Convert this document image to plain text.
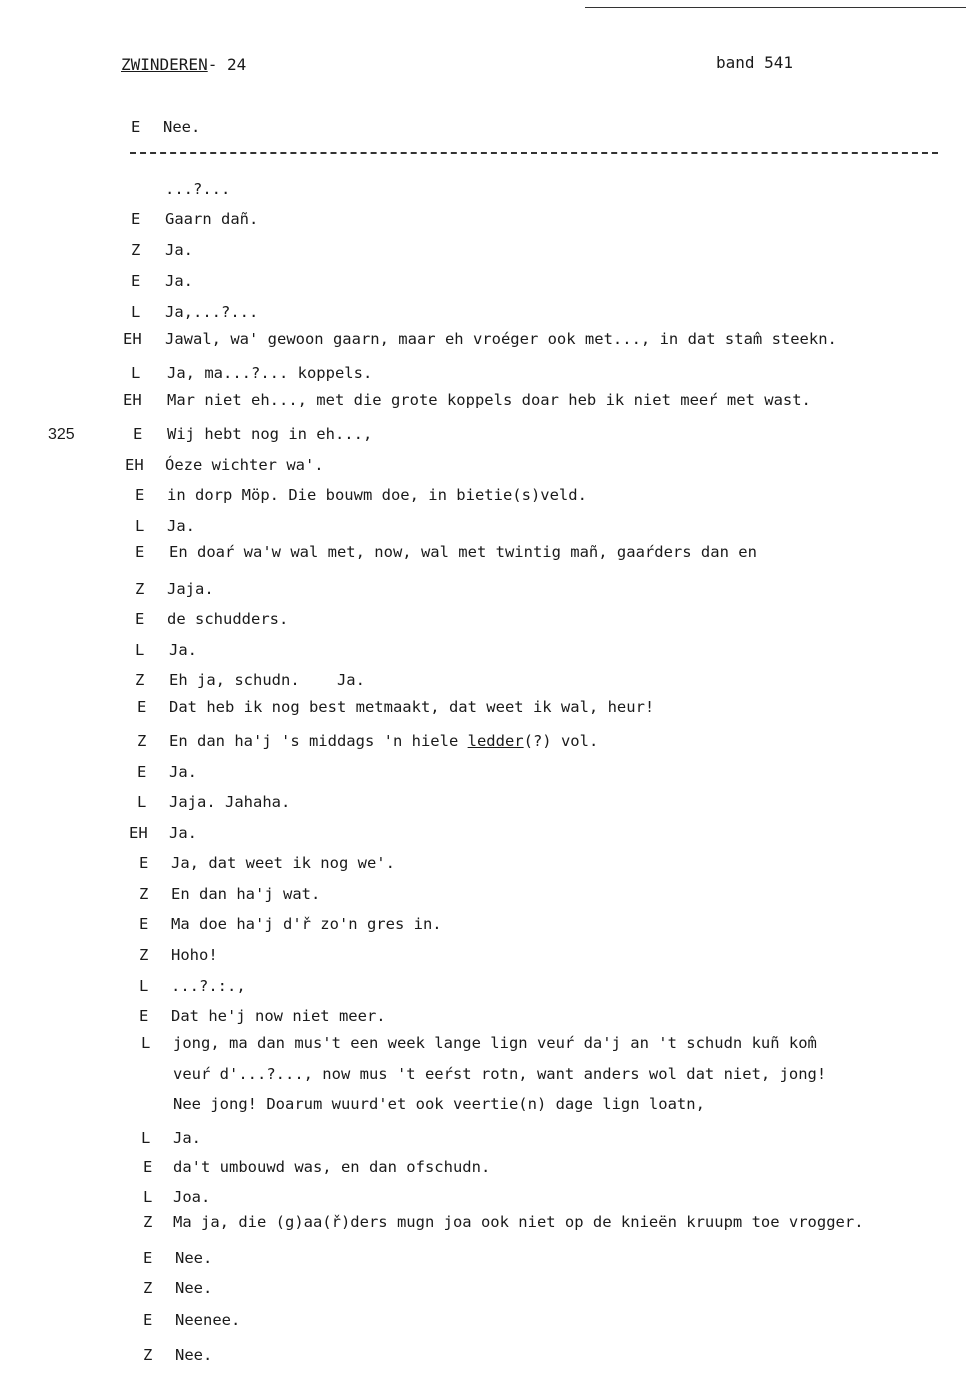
ZWINDEREN- 24	band 541
325
E Nee.
...?...
E Gaarn dañ.
Z Ja.
E Ja.
L Ja,...?...
EH Jawal, wa' gewoon gaarn, maar eh vroéger ook met..., in dat stam̂ steekn.
L Ja, ma...?... koppels.
EH Mar niet eh..., met die grote koppels doar heb ik niet meeŕ met wast.
E Wij hebt nog in eh...,
EH Óeze wichter wa'.
E in dorp Möp. Die bouwm doe, in bietie(s)veld.
L Ja.
E En doaŕ wa'w wal met, now, wal met twintig mañ, gaaŕders dan en
Z Jaja.
E de schudders.
L Ja.
Z Eh ja, schudn.    Ja.
E Dat heb ik nog best metmaakt, dat weet ik wal, heur!
Z En dan ha'j 's middags 'n hiele ledder(?) vol.
E Ja.
L Jaja. Jahaha.
EH Ja.
E Ja, dat weet ik nog we'.
Z En dan ha'j wat.
E Ma doe ha'j d'ř zo'n gres in.
Z Hoho!
L ...?.:.,
E Dat he'j now niet meer.
L jong, ma dan mus't een week lange lign veuŕ da'j an 't schudn kuñ kom̂
veuŕ d'...?..., now mus 't eeŕst rotn, want anders wol dat niet, jong!
Nee jong! Doarum wuurd'et ook veertie(n) dage lign loatn,
L Ja.
E da't umbouwd was, en dan ofschudn.
L Joa.
Z Ma ja, die (g)aa(ř)ders mugn joa ook niet op de knieën kruupm toe vrogger.
E Nee.
Z Nee.
E Neenee.
Z Nee.
